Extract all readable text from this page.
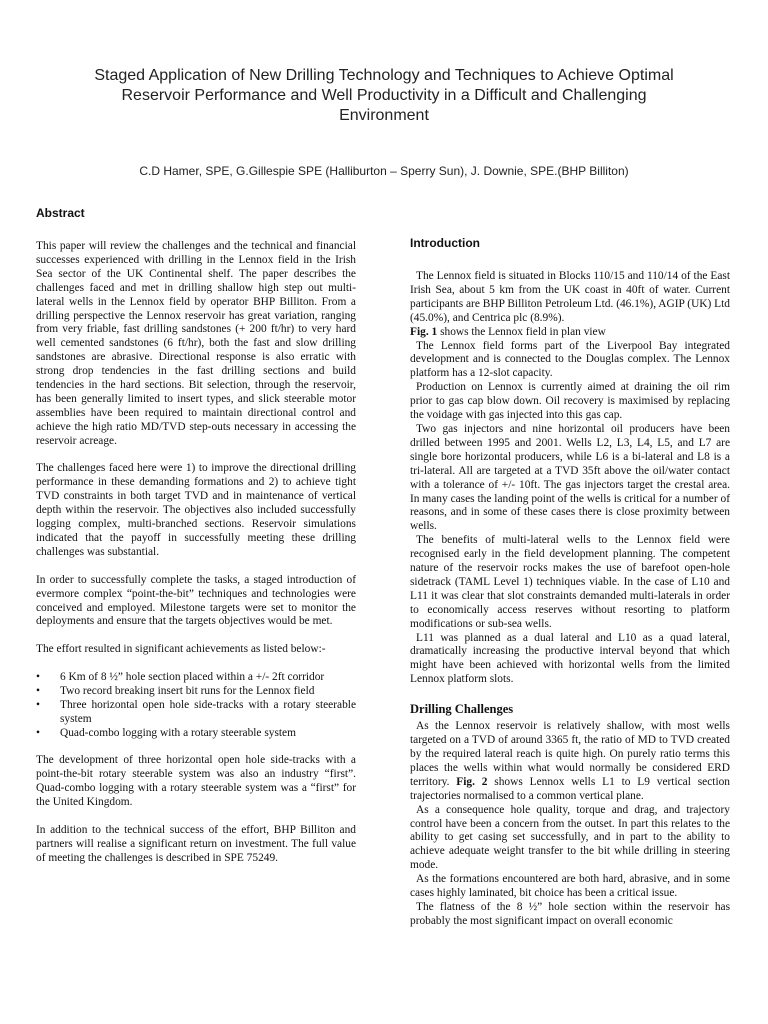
Staged Application of New Drilling Technology and Techniques to Achieve Optimal
Reservoir Performance and Well Productivity in a Difficult and Challenging
Environment
C.D Hamer, SPE, G.Gillespie SPE (Halliburton – Sperry Sun), J. Downie, SPE.(BHP Billiton)
Abstract

This paper will review the challenges and the technical and financial successes experienced with drilling in the Lennox field in the Irish Sea sector of the UK Continental shelf. The paper describes the challenges faced and met in drilling shallow high step out multi-lateral wells in the Lennox field by operator BHP Billiton. From a drilling perspective the Lennox reservoir has great variation, ranging from very friable, fast drilling sandstones (+ 200 ft/hr) to very hard well cemented sandstones (6 ft/hr), both the fast and slow drilling sandstones are abrasive. Directional response is also erratic with strong drop tendencies in the fast drilling sections and build tendencies in the hard sections. Bit selection, through the reservoir, has been generally limited to insert types, and slick steerable motor assemblies have been required to maintain directional control and achieve the high ratio MD/TVD step-outs necessary in accessing the reservoir acreage.

The challenges faced here were 1) to improve the directional drilling performance in these demanding formations and 2) to achieve tight TVD constraints in both target TVD and in maintenance of vertical depth within the reservoir. The objectives also included successfully logging complex, multi-branched sections. Reservoir simulations indicated that the payoff in successfully meeting these drilling challenges was substantial.

In order to successfully complete the tasks, a staged introduction of evermore complex “point-the-bit” techniques and technologies were conceived and employed. Milestone targets were set to monitor the deployments and ensure that the targets objectives would be met.

The effort resulted in significant achievements as listed below:-

• 6 Km of 8 ½” hole section placed within a +/- 2ft corridor
• Two record breaking insert bit runs for the Lennox field
• Three horizontal open hole side-tracks with a rotary steerable system
• Quad-combo logging with a rotary steerable system

The development of three horizontal open hole side-tracks with a point-the-bit rotary steerable system was also an industry “first”. Quad-combo logging with a rotary steerable system was a “first” for the United Kingdom.

In addition to the technical success of the effort, BHP Billiton and partners will realise a significant return on investment. The full value of meeting the challenges is described in SPE 75249.

Introduction

The Lennox field is situated in Blocks 110/15 and 110/14 of the East Irish Sea, about 5 km from the UK coast in 40ft of water. Current participants are BHP Billiton Petroleum Ltd. (46.1%), AGIP (UK) Ltd (45.0%), and Centrica plc (8.9%).

Fig. 1 shows the Lennox field in plan view

The Lennox field forms part of the Liverpool Bay integrated development and is connected to the Douglas complex. The Lennox platform has a 12-slot capacity.

Production on Lennox is currently aimed at draining the oil rim prior to gas cap blow down. Oil recovery is maximised by replacing the voidage with gas injected into this gas cap.

Two gas injectors and nine horizontal oil producers have been drilled between 1995 and 2001. Wells L2, L3, L4, L5, and L7 are single bore horizontal producers, while L6 is a bi-lateral and L8 is a tri-lateral. All are targeted at a TVD 35ft above the oil/water contact with a tolerance of +/- 10ft. The gas injectors target the crestal area. In many cases the landing point of the wells is critical for a number of reasons, and in some of these cases there is close proximity between wells.

The benefits of multi-lateral wells to the Lennox field were recognised early in the field development planning. The competent nature of the reservoir rocks makes the use of barefoot open-hole sidetrack (TAML Level 1) techniques viable. In the case of L10 and L11 it was clear that slot constraints demanded multi-laterals in order to economically access reserves without resorting to platform modifications or sub-sea wells.

L11 was planned as a dual lateral and L10 as a quad lateral, dramatically increasing the productive interval beyond that which might have been achieved with horizontal wells from the limited Lennox platform slots.

Drilling Challenges

As the Lennox reservoir is relatively shallow, with most wells targeted on a TVD of around 3365 ft, the ratio of MD to TVD created by the required lateral reach is quite high. On purely ratio terms this places the wells within what would normally be considered ERD territory. Fig. 2 shows Lennox wells L1 to L9 vertical section trajectories normalised to a common vertical plane.

As a consequence hole quality, torque and drag, and trajectory control have been a concern from the outset. In part this relates to the ability to get casing set successfully, and in part to the ability to achieve adequate weight transfer to the bit while drilling in steering mode.

As the formations encountered are both hard, abrasive, and in some cases highly laminated, bit choice has been a critical issue.

The flatness of the 8 ½” hole section within the reservoir has probably the most significant impact on overall economic
